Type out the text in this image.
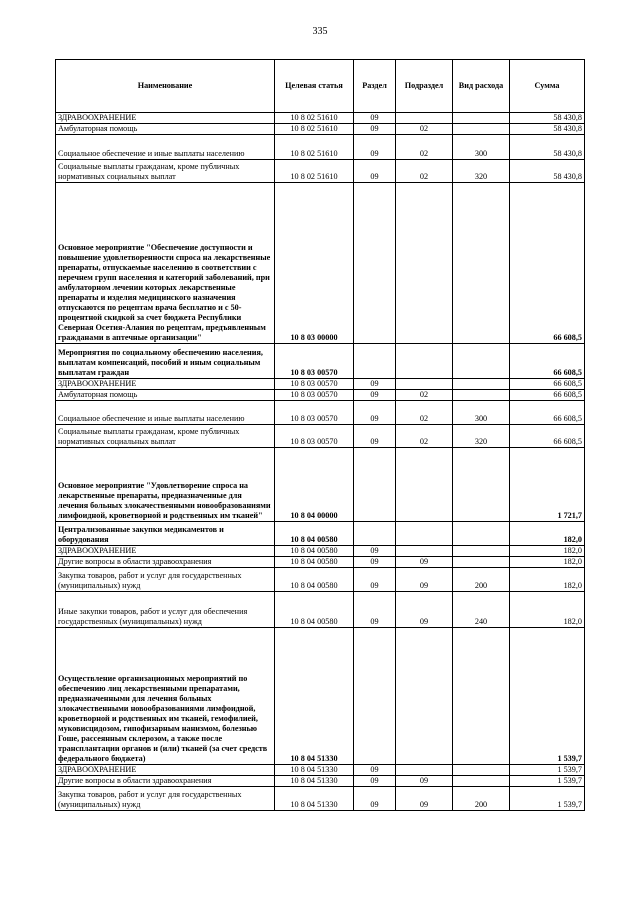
335
Наименование	Целевая статья	Раздел	Подраздел	Вид расхода	Сумма
ЗДРАВООХРАНЕНИЕ	10 8 02 51610	09			58 430,8
Амбулаторная помощь	10 8 02 51610	09	02		58 430,8
Социальное обеспечение и иные выплаты населению	10 8 02 51610	09	02	300	58 430,8
Социальные выплаты гражданам, кроме публичных нормативных социальных выплат	10 8 02 51610	09	02	320	58 430,8
Основное мероприятие "Обеспечение доступности и повышение удовлетворенности спроса на лекарственные препараты, отпускаемые населению в соответствии с перечнем групп населения и категорий заболеваний, при амбулаторном лечении которых лекарственные препараты и изделия медицинского назначения отпускаются по рецептам врача бесплатно и с 50-процентной скидкой за счет бюджета Республики Северная Осетия-Алания по рецептам, предъявленным гражданами в аптечные организации"	10 8 03 00000				66 608,5
Мероприятия по социальному обеспечению населения, выплатам компенсаций, пособий и иным социальным выплатам граждан	10 8 03 00570				66 608,5
ЗДРАВООХРАНЕНИЕ	10 8 03 00570	09			66 608,5
Амбулаторная помощь	10 8 03 00570	09	02		66 608,5
Социальное обеспечение и иные выплаты населению	10 8 03 00570	09	02	300	66 608,5
Социальные выплаты гражданам, кроме публичных нормативных социальных выплат	10 8 03 00570	09	02	320	66 608,5
Основное мероприятие "Удовлетворение спроса на лекарственные препараты, предназначенные для лечения больных злокачественными новообразованиями лимфоидной, кроветворной и родственных им тканей"	10 8 04 00000				1 721,7
Централизованные закупки медикаментов и оборудования	10 8 04 00580				182,0
ЗДРАВООХРАНЕНИЕ	10 8 04 00580	09			182,0
Другие вопросы в области здравоохранения	10 8 04 00580	09	09		182,0
Закупка товаров, работ и услуг для государственных (муниципальных) нужд	10 8 04 00580	09	09	200	182,0
Иные закупки товаров, работ и услуг для обеспечения государственных (муниципальных) нужд	10 8 04 00580	09	09	240	182,0
Осуществление организационных мероприятий по обеспечению лиц лекарственными препаратами, предназначенными для лечения больных злокачественными новообразованиями лимфоидной, кроветворной и родственных им тканей, гемофилией, муковисцидозом, гипофизарным нанизмом, болезнью Гоше, рассеянным склерозом, а также после трансплантации органов и (или) тканей (за счет средств федерального бюджета)	10 8 04 51330				1 539,7
ЗДРАВООХРАНЕНИЕ	10 8 04 51330	09			1 539,7
Другие вопросы в области здравоохранения	10 8 04 51330	09	09		1 539,7
Закупка товаров, работ и услуг для государственных (муниципальных) нужд	10 8 04 51330	09	09	200	1 539,7
